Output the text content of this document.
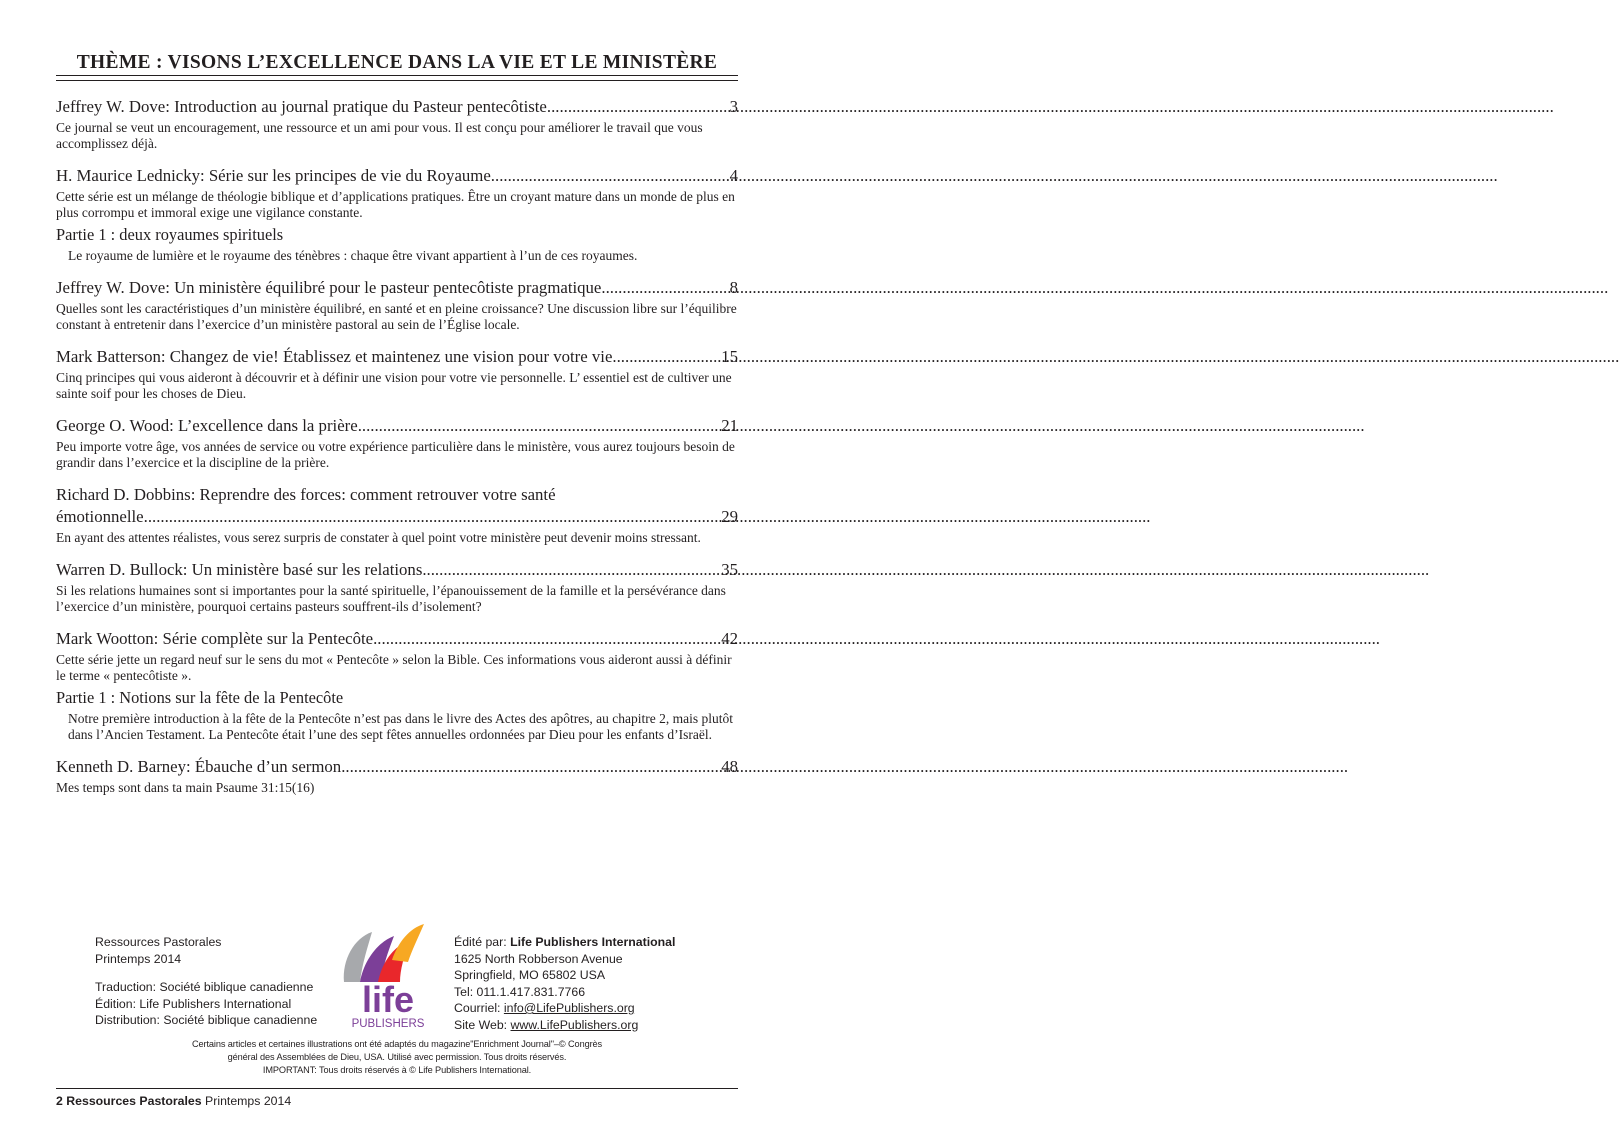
THÈME : VISONS L’EXCELLENCE DANS LA VIE ET LE MINISTÈRE
Jeffrey W. Dove: Introduction au journal pratique du Pasteur pentecôtiste .....	3
Ce journal se veut un encouragement, une ressource et un ami pour vous. Il est conçu pour améliorer le travail que vous accomplissez déjà.
H. Maurice Lednicky: Série sur les principes de vie du Royaume .....	4
Cette série est un mélange de théologie biblique et d’applications pratiques. Être un croyant mature dans un monde de plus en plus corrompu et immoral exige une vigilance constante.
Partie 1 : deux royaumes spirituels
Le royaume de lumière et le royaume des ténèbres : chaque être vivant appartient à l’un de ces royaumes.
Jeffrey W. Dove: Un ministère équilibré pour le pasteur pentecôtiste pragmatique .....	8
Quelles sont les caractéristiques d’un ministère équilibré, en santé et en pleine croissance? Une discussion libre sur l’équilibre constant à entretenir dans l’exercice d’un ministère pastoral au sein de l’Église locale.
Mark Batterson: Changez de vie! Établissez et maintenez une vision pour votre vie .....	15
Cinq principes qui vous aideront à découvrir et à définir une vision pour votre vie personnelle. L’ essentiel est de cultiver une sainte soif pour les choses de Dieu.
George O. Wood: L’excellence dans la prière .....	21
Peu importe votre âge, vos années de service ou votre expérience particulière dans le ministère, vous aurez toujours besoin de grandir dans l’exercice et la discipline de la prière.
Richard D. Dobbins: Reprendre des forces: comment retrouver votre santé
émotionnelle .....	29
En ayant des attentes réalistes, vous serez surpris de constater à quel point votre ministère peut devenir moins stressant.
Warren D. Bullock: Un ministère basé sur les relations .....	35
Si les relations humaines sont si importantes pour la santé spirituelle, l’épanouissement de la famille et la persévérance dans l’exercice d’un ministère, pourquoi certains pasteurs souffrent-ils d’isolement?
Mark Wootton: Série complète sur la Pentecôte .....	42
Cette série jette un regard neuf sur le sens du mot « Pentecôte » selon la Bible. Ces informations vous aideront aussi à définir le terme « pentecôtiste ».
Partie 1 : Notions sur la fête de la Pentecôte
Notre première introduction à la fête de la Pentecôte n’est pas dans le livre des Actes des apôtres, au chapitre 2, mais plutôt dans l’Ancien Testament. La Pentecôte était l’une des sept fêtes annuelles ordonnées par Dieu pour les enfants d’Israël.
Kenneth D. Barney: Ébauche d’un sermon .....	48
Mes temps sont dans ta main Psaume 31:15(16)
Ressources Pastorales
Printemps 2014
Traduction: Société biblique canadienne
Édition: Life Publishers International
Distribution: Société biblique canadienne life
PUBLISHERS
Édité par: Life Publishers International
1625 North Robberson Avenue
Springfield, MO 65802 USA
Tel: 011.1.417.831.7766
Courriel: info@LifePublishers.org
Site Web: www.LifePublishers.org
Certains articles et certaines illustrations ont été adaptés du magazine"Enrichment Journal"–© Congrès
général des Assemblées de Dieu, USA. Utilisé avec permission. Tous droits réservés.
IMPORTANT: Tous droits réservés à © Life Publishers International.
2 Ressources Pastorales Printemps 2014
